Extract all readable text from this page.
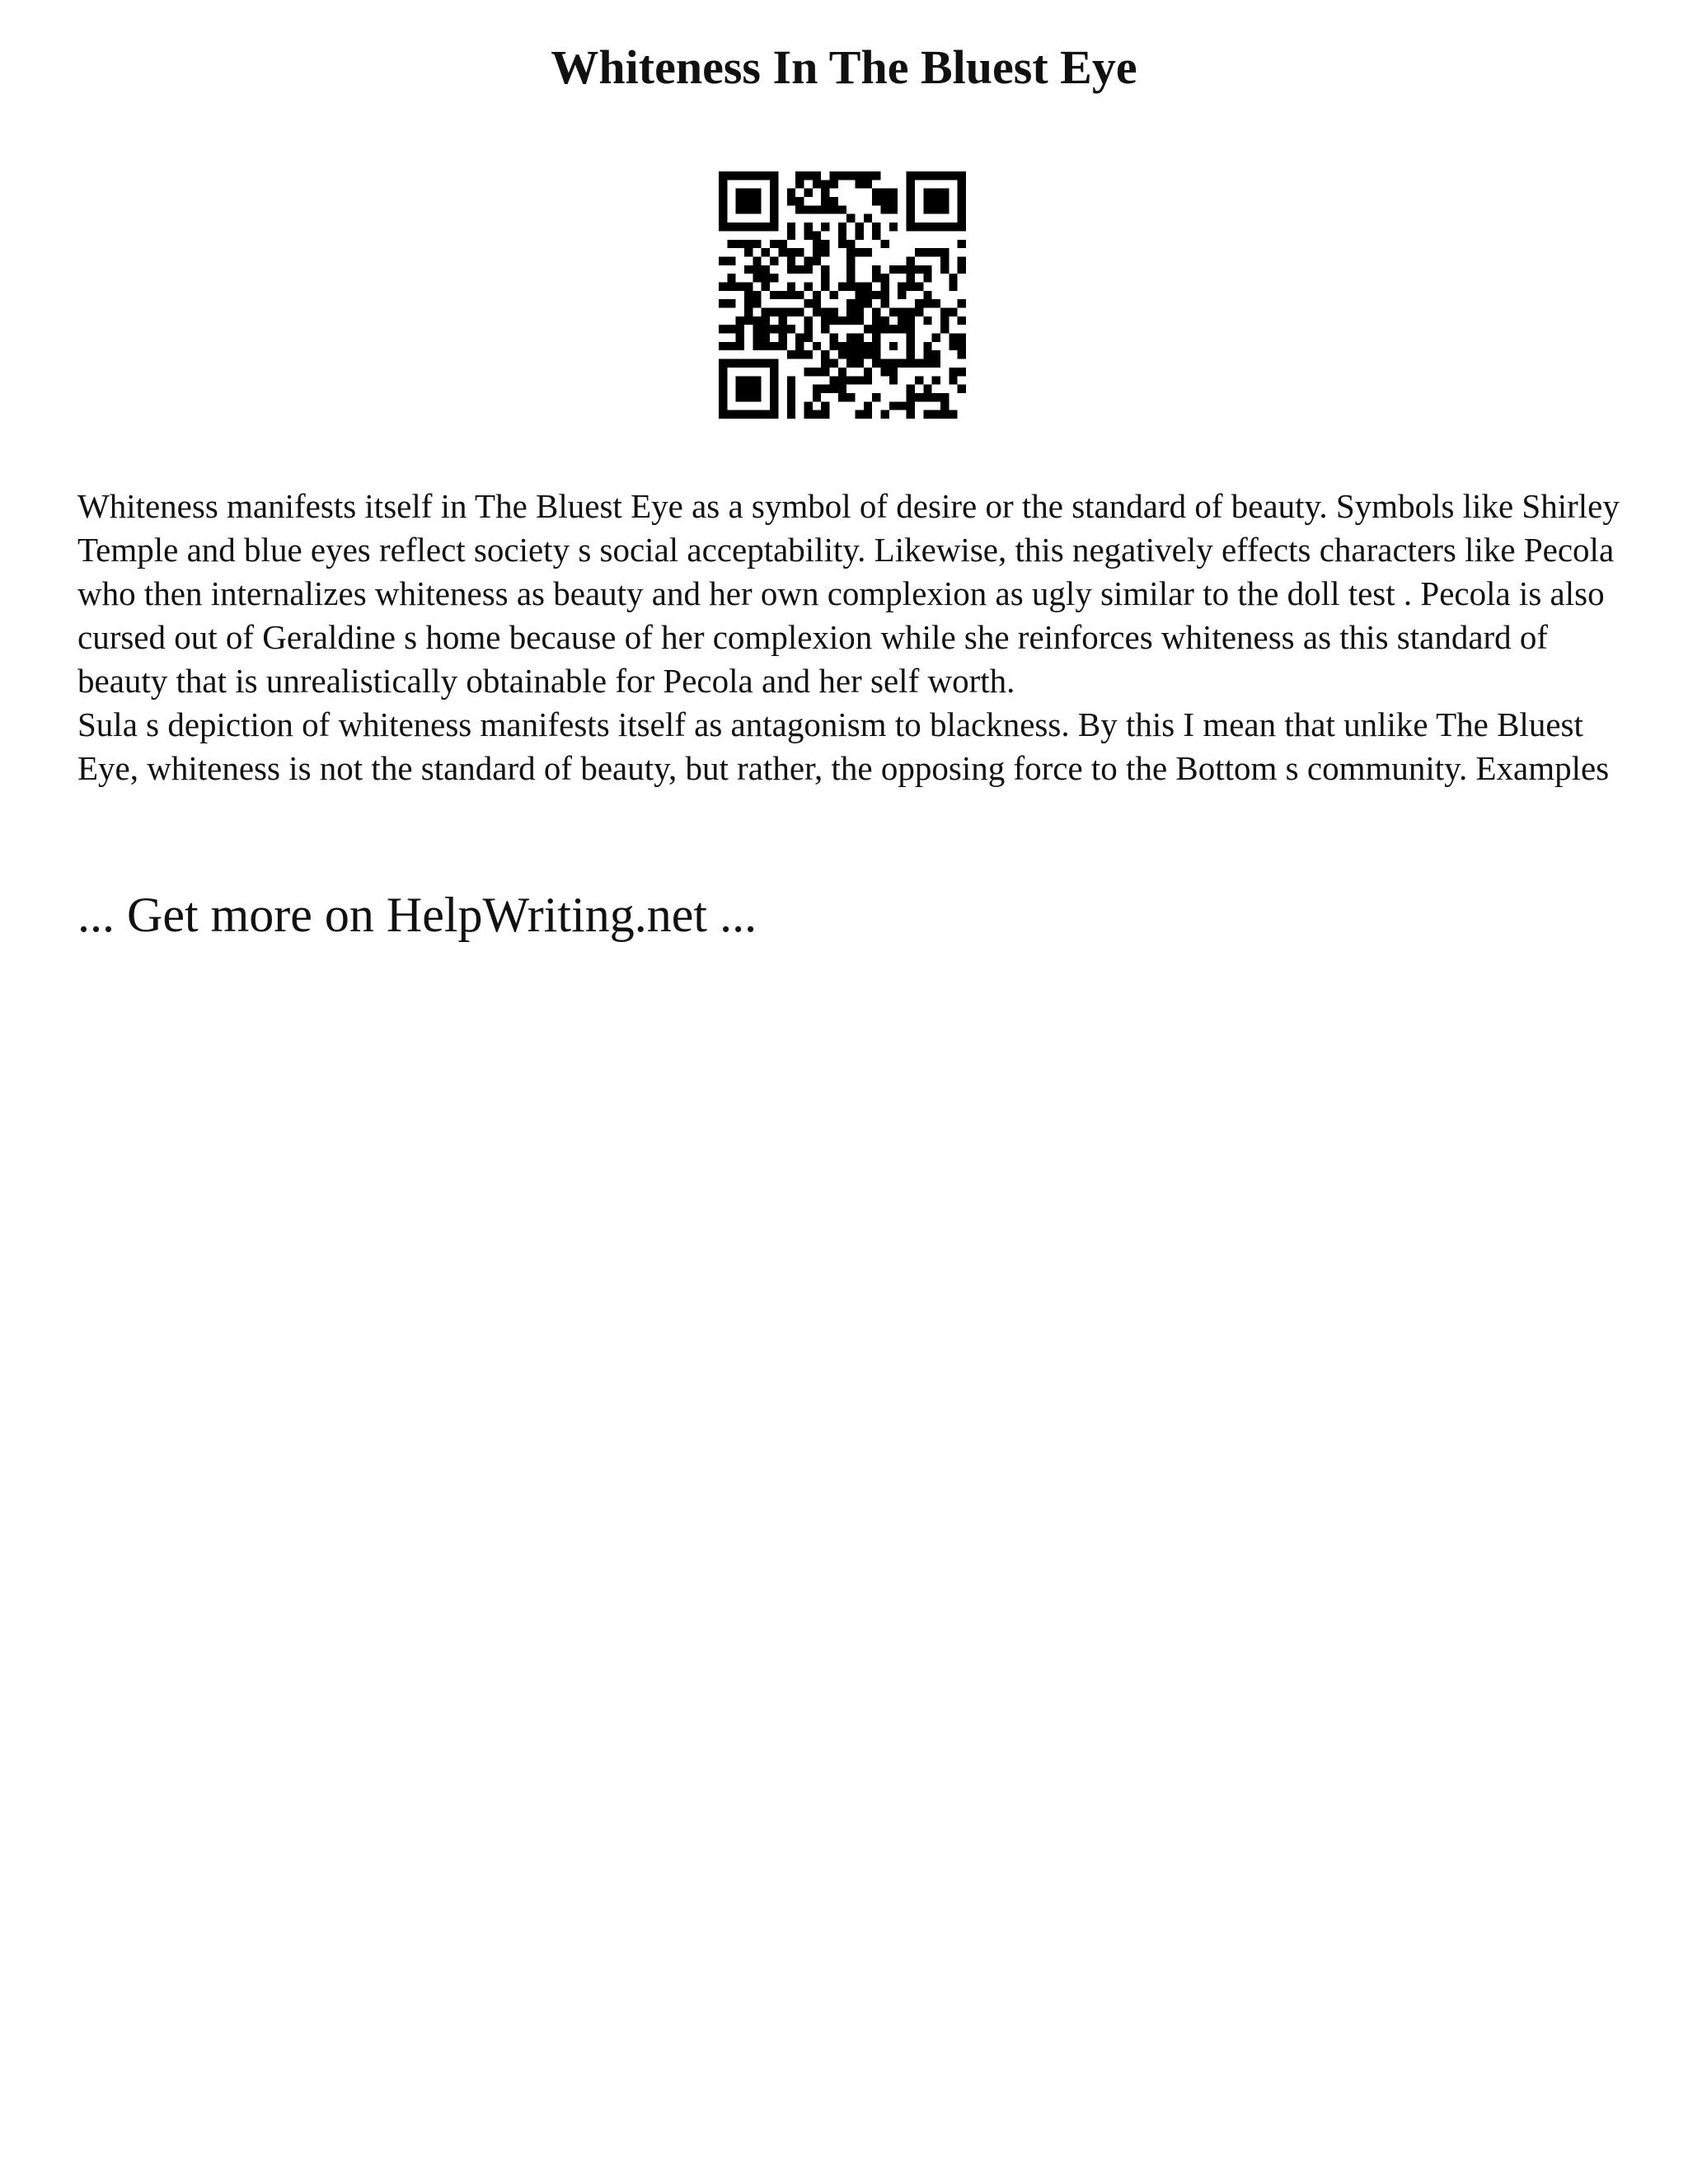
Whiteness In The Bluest Eye

Whiteness manifests itself in The Bluest Eye as a symbol of desire or the standard of beauty. Symbols like Shirley Temple and blue eyes reflect society s social acceptability. Likewise, this negatively effects characters like Pecola who then internalizes whiteness as beauty and her own complexion as ugly similar to the doll test . Pecola is also cursed out of Geraldine s home because of her complexion while she reinforces whiteness as this standard of beauty that is unrealistically obtainable for Pecola and her self worth.

Sula s depiction of whiteness manifests itself as antagonism to blackness. By this I mean that unlike The Bluest Eye, whiteness is not the standard of beauty, but rather, the opposing force to the Bottom s community. Examples

... Get more on HelpWriting.net ...
